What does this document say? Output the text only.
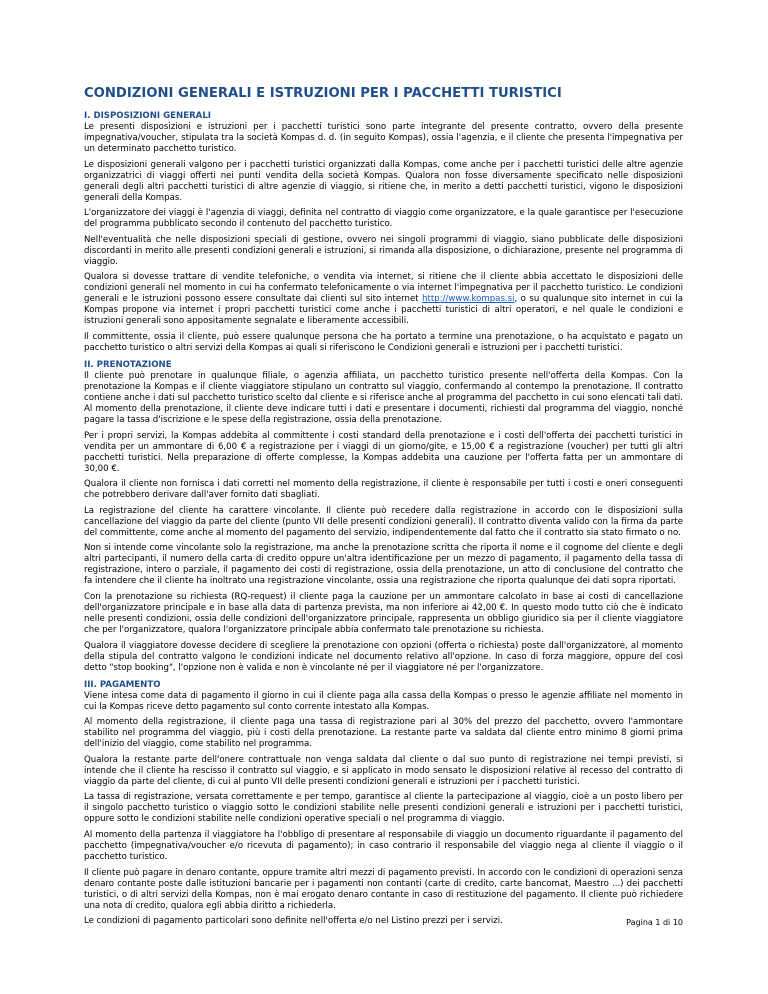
CONDIZIONI GENERALI E ISTRUZIONI PER I PACCHETTI TURISTICI
I. DISPOSIZIONI GENERALI

Le presenti disposizioni e istruzioni per i pacchetti turistici sono parte integrante del presente contratto, ovvero della presente impegnativa/voucher, stipulata tra la società Kompas d. d. (in seguito Kompas), ossia l'agenzia, e il cliente che presenta l'impegnativa per un determinato pacchetto turistico.

Le disposizioni generali valgono per i pacchetti turistici organizzati dalla Kompas, come anche per i pacchetti turistici delle altre agenzie organizzatrici di viaggi offerti nei punti vendita della società Kompas. Qualora non fosse diversamente specificato nelle disposizioni generali degli altri pacchetti turistici di altre agenzie di viaggio, si ritiene che, in merito a detti pacchetti turistici, vigono le disposizioni generali della Kompas.

L'organizzatore dei viaggi è l'agenzia di viaggi, definita nel contratto di viaggio come organizzatore, e la quale garantisce per l'esecuzione del programma pubblicato secondo il contenuto del pacchetto turistico.

Nell'eventualità che nelle disposizioni speciali di gestione, ovvero nei singoli programmi di viaggio, siano pubblicate delle disposizioni discordanti in merito alle presenti condizioni generali e istruzioni, si rimanda alla disposizione, o dichiarazione, presente nel programma di viaggio.

Qualora si dovesse trattare di vendite telefoniche, o vendita via internet, si ritiene che il cliente abbia accettato le disposizioni delle condizioni generali nel momento in cui ha confermato telefonicamente o via internet l'impegnativa per il pacchetto turistico. Le condizioni generali e le istruzioni possono essere consultate dai clienti sul sito internet http://www.kompas.si, o su qualunque sito internet in cui la Kompas propone via internet i propri pacchetti turistici come anche i pacchetti turistici di altri operatori, e nel quale le condizioni e istruzioni generali sono appositamente segnalate e liberamente accessibili.

Il committente, ossia il cliente, può essere qualunque persona che ha portato a termine una prenotazione, o ha acquistato e pagato un pacchetto turistico o altri servizi della Kompas ai quali si riferiscono le Condizioni generali e istruzioni per i pacchetti turistici.

II. PRENOTAZIONE

Il cliente può prenotare in qualunque filiale, o agenzia affiliata, un pacchetto turistico presente nell'offerta della Kompas. Con la prenotazione la Kompas e il cliente viaggiatore stipulano un contratto sul viaggio, confermando al contempo la prenotazione. Il contratto contiene anche i dati sul pacchetto turistico scelto dal cliente e si riferisce anche al programma del pacchetto in cui sono elencati tali dati. Al momento della prenotazione, il cliente deve indicare tutti i dati e presentare i documenti, richiesti dal programma del viaggio, nonché pagare la tassa d'iscrizione e le spese della registrazione, ossia della prenotazione.

Per i propri servizi, la Kompas addebita al committente i costi standard della prenotazione e i costi dell'offerta dei pacchetti turistici in vendita per un ammontare di 6,00 € a registrazione per i viaggi di un giorno/gite, e 15,00 € a registrazione (voucher) per tutti gli altri pacchetti turistici. Nella preparazione di offerte complesse, la Kompas addebita una cauzione per l'offerta fatta per un ammontare di 30,00 €.

Qualora il cliente non fornisca i dati corretti nel momento della registrazione, il cliente è responsabile per tutti i costi e oneri conseguenti che potrebbero derivare dall'aver fornito dati sbagliati.

La registrazione del cliente ha carattere vincolante. Il cliente può recedere dalla registrazione in accordo con le disposizioni sulla cancellazione del viaggio da parte del cliente (punto VII delle presenti condizioni generali). Il contratto diventa valido con la firma da parte del committente, come anche al momento del pagamento del servizio, indipendentemente dal fatto che il contratto sia stato firmato o no.

Non si intende come vincolante solo la registrazione, ma anche la prenotazione scritta che riporta il nome e il cognome del cliente e degli altri partecipanti, il numero della carta di credito oppure un'altra identificazione per un mezzo di pagamento, il pagamento della tassa di registrazione, intero o parziale, il pagamento dei costi di registrazione, ossia della prenotazione, un atto di conclusione del contratto che fa intendere che il cliente ha inoltrato una registrazione vincolante, ossia una registrazione che riporta qualunque dei dati sopra riportati.

Con la prenotazione su richiesta (RQ-request) il cliente paga la cauzione per un ammontare calcolato in base ai costi di cancellazione dell'organizzatore principale e in base alla data di partenza prevista, ma non inferiore ai 42,00 €. In questo modo tutto ciò che è indicato nelle presenti condizioni, ossia delle condizioni dell'organizzatore principale, rappresenta un obbligo giuridico sia per il cliente viaggiatore che per l'organizzatore, qualora l'organizzatore principale abbia confermato tale prenotazione su richiesta.

Qualora il viaggiatore dovesse decidere di scegliere la prenotazione con opzioni (offerta o richiesta) poste dall'organizzatore, al momento della stipula del contratto valgono le condizioni indicate nel documento relativo all'opzione. In caso di forza maggiore, oppure del così detto "stop booking", l'opzione non è valida e non è vincolante né per il viaggiatore né per l'organizzatore.

III. PAGAMENTO

Viene intesa come data di pagamento il giorno in cui il cliente paga alla cassa della Kompas o presso le agenzie affiliate nel momento in cui la Kompas riceve detto pagamento sul conto corrente intestato alla Kompas.

Al momento della registrazione, il cliente paga una tassa di registrazione pari al 30% del prezzo del pacchetto, ovvero l'ammontare stabilito nel programma del viaggio, più i costi della prenotazione. La restante parte va saldata dal cliente entro minimo 8 giorni prima dell'inizio del viaggio, come stabilito nel programma.

Qualora la restante parte dell'onere contrattuale non venga saldata dal cliente o dal suo punto di registrazione nei tempi previsti, si intende che il cliente ha rescisso il contratto sul viaggio, e si applicato in modo sensato le disposizioni relative al recesso del contratto di viaggio da parte del cliente, di cui al punto VII delle presenti condizioni generali e istruzioni per i pacchetti turistici.

La tassa di registrazione, versata correttamente e per tempo, garantisce al cliente la partecipazione al viaggio, cioè a un posto libero per il singolo pacchetto turistico o viaggio sotto le condizioni stabilite nelle presenti condizioni generali e istruzioni per i pacchetti turistici, oppure sotto le condizioni stabilite nelle condizioni operative speciali o nel programma di viaggio.

Al momento della partenza il viaggiatore ha l'obbligo di presentare al responsabile di viaggio un documento riguardante il pagamento del pacchetto (impegnativa/voucher e/o ricevuta di pagamento); in caso contrario il responsabile del viaggio nega al cliente il viaggio o il pacchetto turistico.

Il cliente può pagare in denaro contante, oppure tramite altri mezzi di pagamento previsti. In accordo con le condizioni di operazioni senza denaro contante poste dalle istituzioni bancarie per i pagamenti non contanti (carte di credito, carte bancomat, Maestro ...) dei pacchetti turistici, o di altri servizi della Kompas, non è mai erogato denaro contante in caso di restituzione del pagamento. Il cliente può richiedere una nota di credito, qualora egli abbia diritto a richiederla.

Le condizioni di pagamento particolari sono definite nell'offerta e/o nel Listino prezzi per i servizi.	Pagina 1 di 10
